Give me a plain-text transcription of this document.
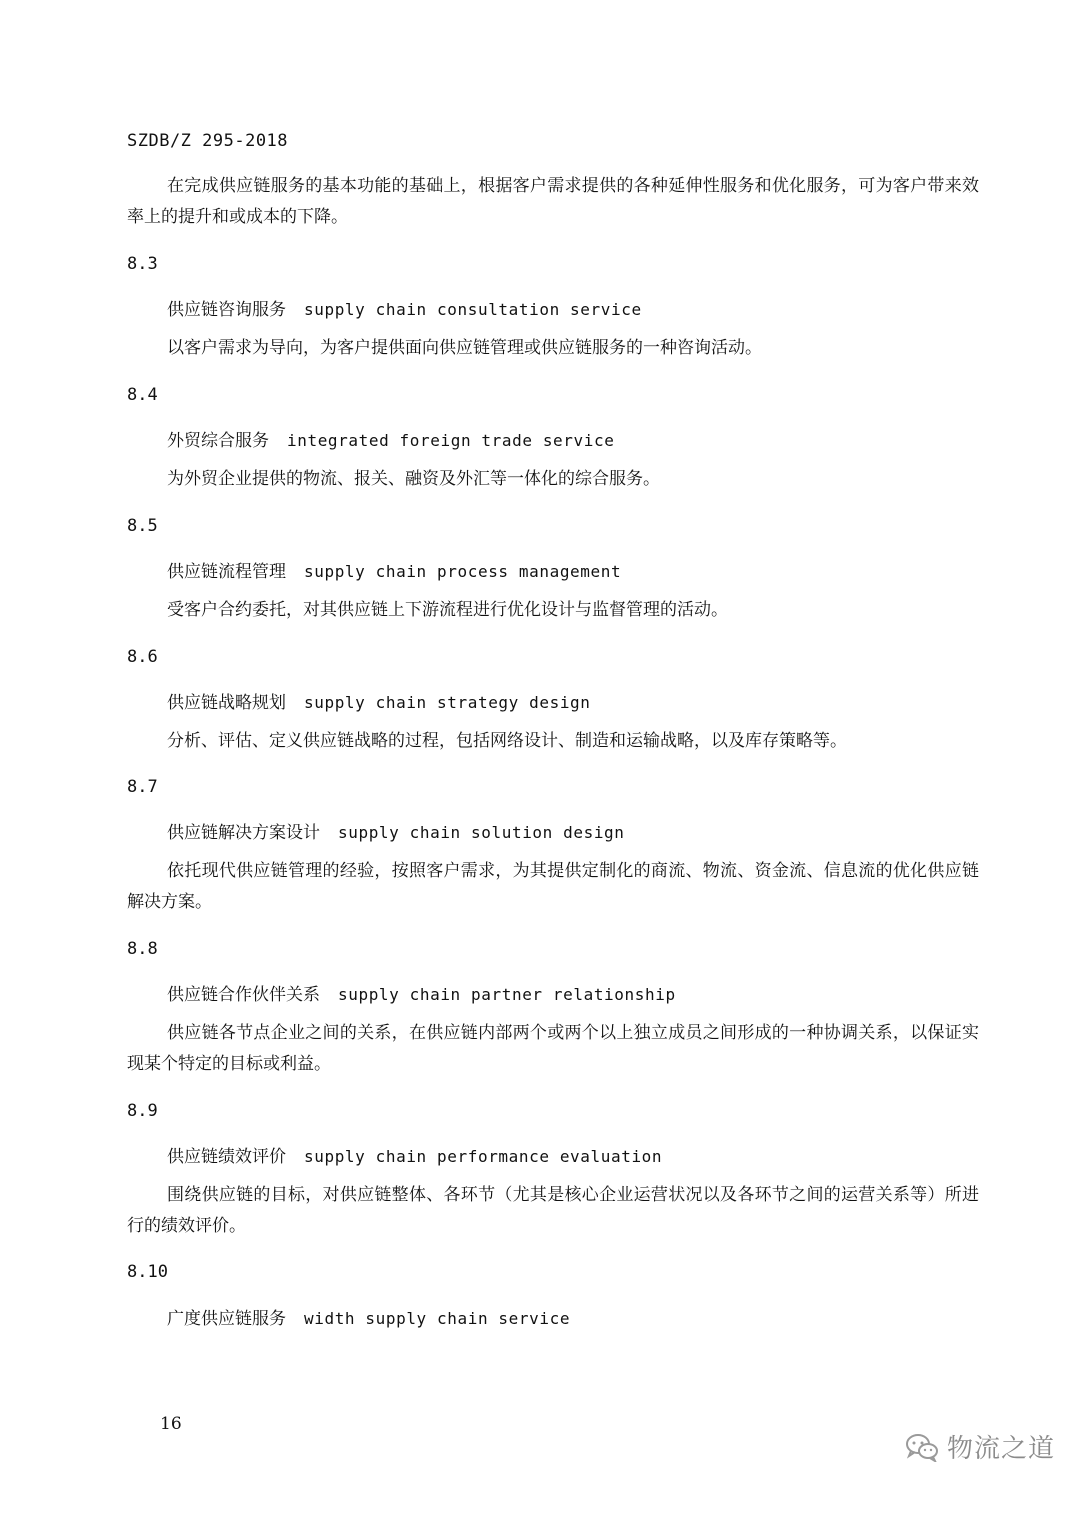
SZDB/Z 295-2018
在完成供应链服务的基本功能的基础上，根据客户需求提供的各种延伸性服务和优化服务，可为客户带来效率上的提升和或成本的下降。
8.3
供应链咨询服务 supply chain consultation service
以客户需求为导向，为客户提供面向供应链管理或供应链服务的一种咨询活动。
8.4
外贸综合服务 integrated foreign trade service
为外贸企业提供的物流、报关、融资及外汇等一体化的综合服务。
8.5
供应链流程管理 supply chain process management
受客户合约委托，对其供应链上下游流程进行优化设计与监督管理的活动。
8.6
供应链战略规划 supply chain strategy design
分析、评估、定义供应链战略的过程，包括网络设计、制造和运输战略，以及库存策略等。
8.7
供应链解决方案设计 supply chain solution design
依托现代供应链管理的经验，按照客户需求，为其提供定制化的商流、物流、资金流、信息流的优化供应链解决方案。
8.8
供应链合作伙伴关系 supply chain partner relationship
供应链各节点企业之间的关系，在供应链内部两个或两个以上独立成员之间形成的一种协调关系，以保证实现某个特定的目标或利益。
8.9
供应链绩效评价 supply chain performance evaluation
围绕供应链的目标，对供应链整体、各环节（尤其是核心企业运营状况以及各环节之间的运营关系等）所进行的绩效评价。
8.10
广度供应链服务 width supply chain service
16
物流之道
